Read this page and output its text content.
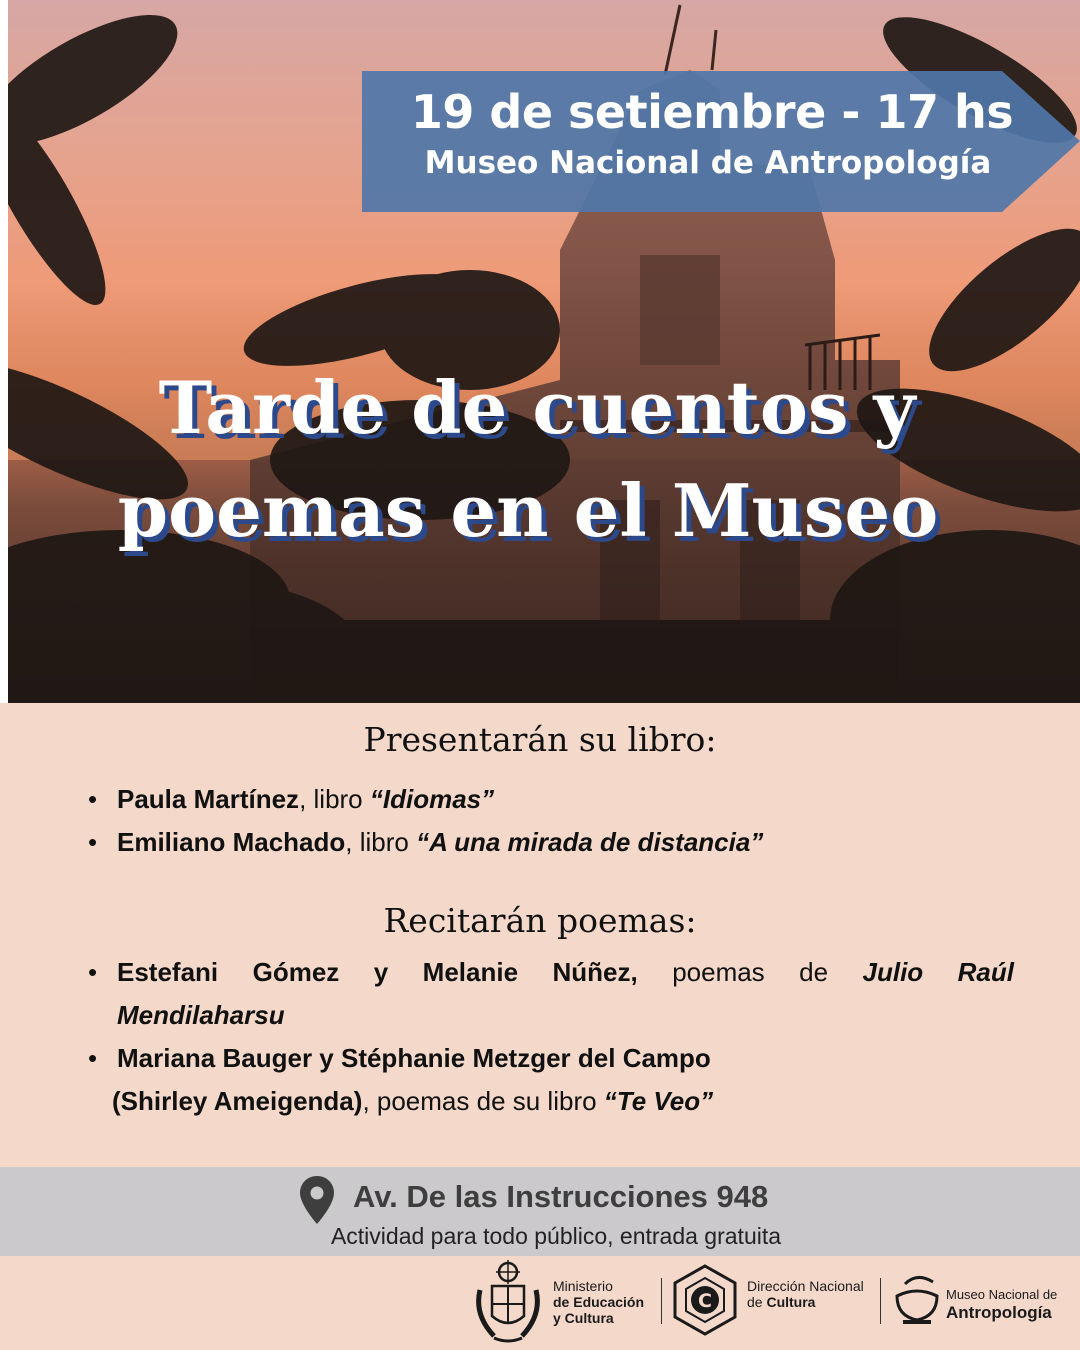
19 de setiembre - 17 hs
Museo Nacional de Antropología
Tarde de cuentos y
poemas en el Museo
Presentarán su libro:
• Paula Martínez, libro “Idiomas”
• Emiliano Machado, libro “A una mirada de distancia”
Recitarán poemas:
• Estefani Gómez y Melanie Núñez, poemas de Julio Raúl
Mendilaharsu
• Mariana Bauger y Stéphanie Metzger del Campo
(Shirley Ameigenda), poemas de su libro “Te Veo”
Av. De las Instrucciones 948
Actividad para todo público, entrada gratuita
Ministerio
de Educación
y Cultura
C
Dirección Nacional
de Cultura	Museo Nacional de
Antropología
